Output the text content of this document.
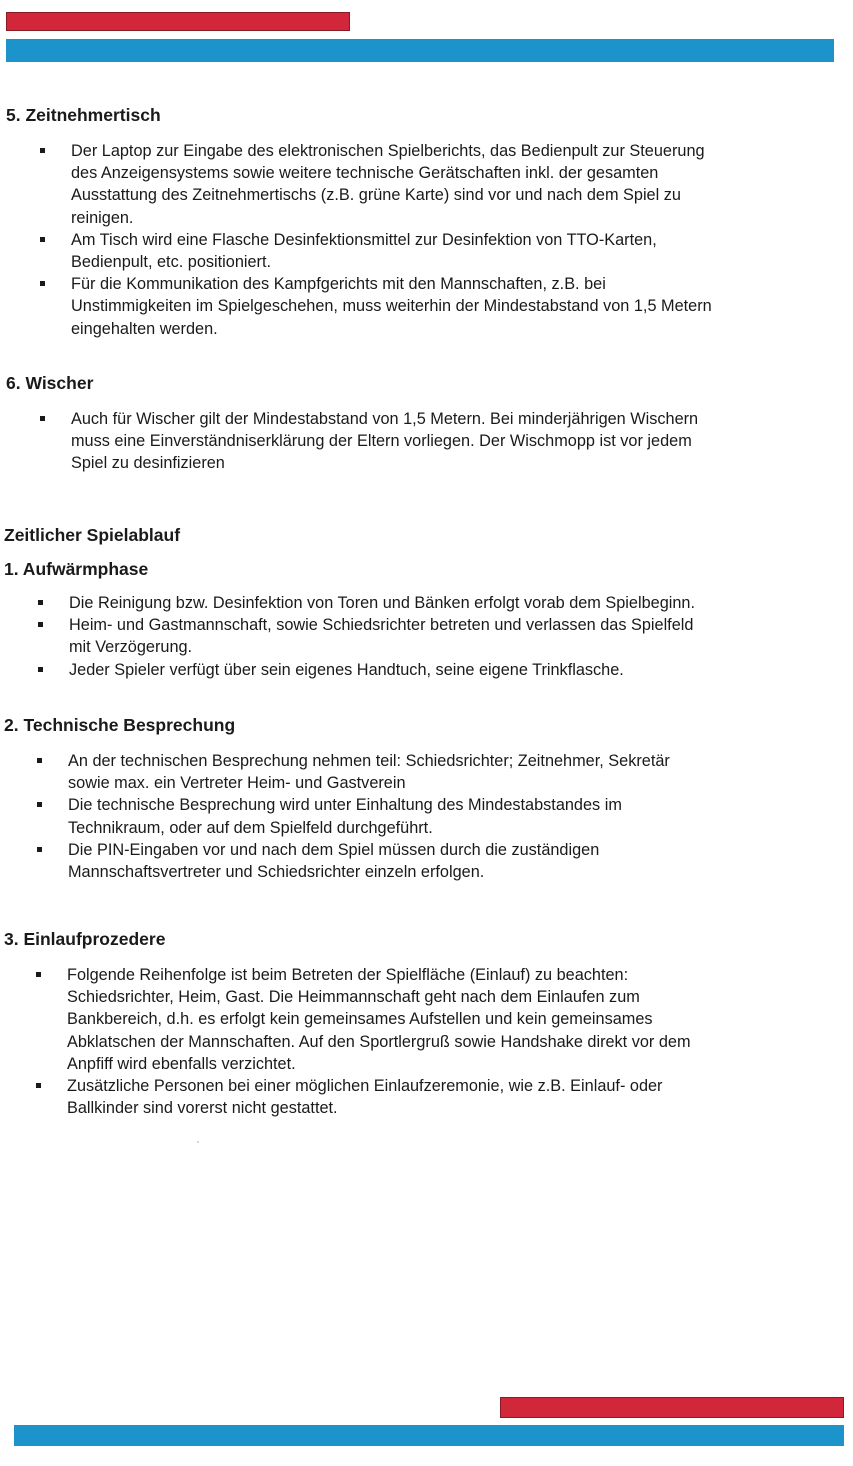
5. Zeitnehmertisch
Der Laptop zur Eingabe des elektronischen Spielberichts, das Bedienpult zur Steuerung
des Anzeigensystems sowie weitere technische Gerätschaften inkl. der gesamten
Ausstattung des Zeitnehmertischs (z.B. grüne Karte) sind vor und nach dem Spiel zu
reinigen.
Am Tisch wird eine Flasche Desinfektionsmittel zur Desinfektion von TTO-Karten,
Bedienpult, etc. positioniert.
Für die Kommunikation des Kampfgerichts mit den Mannschaften, z.B. bei
Unstimmigkeiten im Spielgeschehen, muss weiterhin der Mindestabstand von 1,5 Metern
eingehalten werden.
6. Wischer
Auch für Wischer gilt der Mindestabstand von 1,5 Metern. Bei minderjährigen Wischern
muss eine Einverständniserklärung der Eltern vorliegen. Der Wischmopp ist vor jedem
Spiel zu desinfizieren
Zeitlicher Spielablauf
1. Aufwärmphase
Die Reinigung bzw. Desinfektion von Toren und Bänken erfolgt vorab dem Spielbeginn.
Heim- und Gastmannschaft, sowie Schiedsrichter betreten und verlassen das Spielfeld
mit Verzögerung.
Jeder Spieler verfügt über sein eigenes Handtuch, seine eigene Trinkflasche.
2. Technische Besprechung
An der technischen Besprechung nehmen teil: Schiedsrichter; Zeitnehmer, Sekretär
sowie max. ein Vertreter Heim- und Gastverein
Die technische Besprechung wird unter Einhaltung des Mindestabstandes im
Technikraum, oder auf dem Spielfeld durchgeführt.
Die PIN-Eingaben vor und nach dem Spiel müssen durch die zuständigen
Mannschaftsvertreter und Schiedsrichter einzeln erfolgen.
3. Einlaufprozedere
Folgende Reihenfolge ist beim Betreten der Spielfläche (Einlauf) zu beachten:
Schiedsrichter, Heim, Gast. Die Heimmannschaft geht nach dem Einlaufen zum
Bankbereich, d.h. es erfolgt kein gemeinsames Aufstellen und kein gemeinsames
Abklatschen der Mannschaften. Auf den Sportlergruß sowie Handshake direkt vor dem
Anpfiff wird ebenfalls verzichtet.
Zusätzliche Personen bei einer möglichen Einlaufzeremonie, wie z.B. Einlauf- oder
Ballkinder sind vorerst nicht gestattet.
